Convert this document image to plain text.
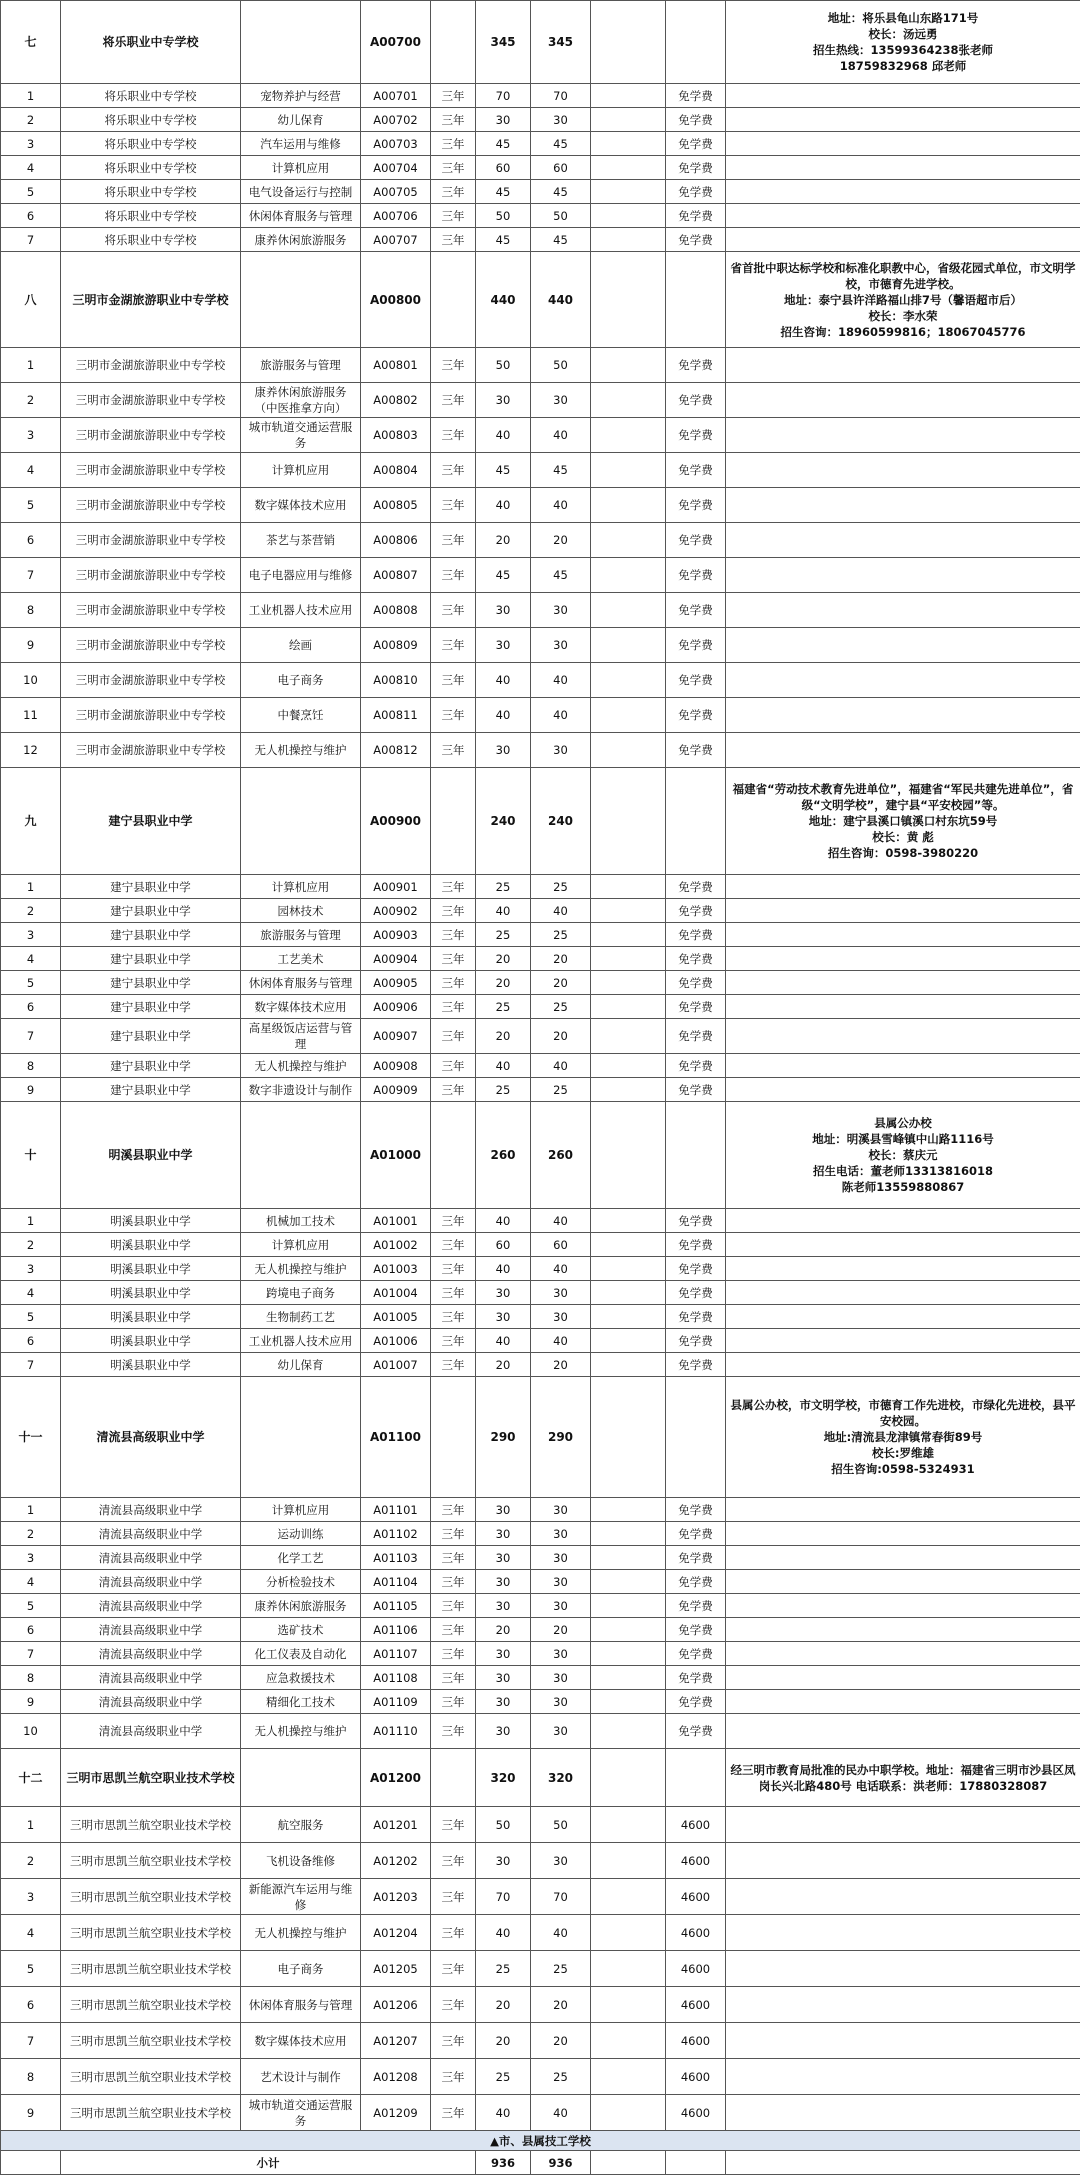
七	将乐职业中专学校		A00700		345	345			地址：将乐县龟山东路171号
校长：汤远勇
招生热线：13599364238张老师
18759832968 邱老师
1	将乐职业中专学校	宠物养护与经营	A00701	三年	70	70		免学费	
2	将乐职业中专学校	幼儿保育	A00702	三年	30	30		免学费	
3	将乐职业中专学校	汽车运用与维修	A00703	三年	45	45		免学费	
4	将乐职业中专学校	计算机应用	A00704	三年	60	60		免学费	
5	将乐职业中专学校	电气设备运行与控制	A00705	三年	45	45		免学费	
6	将乐职业中专学校	休闲体育服务与管理	A00706	三年	50	50		免学费	
7	将乐职业中专学校	康养休闲旅游服务	A00707	三年	45	45		免学费	
八	三明市金湖旅游职业中专学校		A00800		440	440			省首批中职达标学校和标准化职教中心，省级花园式单位，市文明学校，市德育先进学校。
地址：泰宁县许洋路福山排7号（馨语超市后）
校长：李水荣
招生咨询：18960599816；18067045776
1	三明市金湖旅游职业中专学校	旅游服务与管理	A00801	三年	50	50		免学费	
2	三明市金湖旅游职业中专学校	康养休闲旅游服务（中医推拿方向）	A00802	三年	30	30		免学费	
3	三明市金湖旅游职业中专学校	城市轨道交通运营服务	A00803	三年	40	40		免学费	
4	三明市金湖旅游职业中专学校	计算机应用	A00804	三年	45	45		免学费	
5	三明市金湖旅游职业中专学校	数字媒体技术应用	A00805	三年	40	40		免学费	
6	三明市金湖旅游职业中专学校	茶艺与茶营销	A00806	三年	20	20		免学费	
7	三明市金湖旅游职业中专学校	电子电器应用与维修	A00807	三年	45	45		免学费	
8	三明市金湖旅游职业中专学校	工业机器人技术应用	A00808	三年	30	30		免学费	
9	三明市金湖旅游职业中专学校	绘画	A00809	三年	30	30		免学费	
10	三明市金湖旅游职业中专学校	电子商务	A00810	三年	40	40		免学费	
11	三明市金湖旅游职业中专学校	中餐烹饪	A00811	三年	40	40		免学费	
12	三明市金湖旅游职业中专学校	无人机操控与维护	A00812	三年	30	30		免学费	
九	建宁县职业中学		A00900		240	240			福建省“劳动技术教育先进单位”，福建省“军民共建先进单位”，省级“文明学校”，建宁县“平安校园”等。
地址：建宁县溪口镇溪口村东坑59号
校长：黄 彪
招生咨询：0598-3980220
1	建宁县职业中学	计算机应用	A00901	三年	25	25		免学费	
2	建宁县职业中学	园林技术	A00902	三年	40	40		免学费	
3	建宁县职业中学	旅游服务与管理	A00903	三年	25	25		免学费	
4	建宁县职业中学	工艺美术	A00904	三年	20	20		免学费	
5	建宁县职业中学	休闲体育服务与管理	A00905	三年	20	20		免学费	
6	建宁县职业中学	数字媒体技术应用	A00906	三年	25	25		免学费	
7	建宁县职业中学	高星级饭店运营与管理	A00907	三年	20	20		免学费	
8	建宁县职业中学	无人机操控与维护	A00908	三年	40	40		免学费	
9	建宁县职业中学	数字非遗设计与制作	A00909	三年	25	25		免学费	
十	明溪县职业中学		A01000		260	260			县属公办校
地址：明溪县雪峰镇中山路1116号
校长：蔡庆元
招生电话：董老师13313816018
陈老师13559880867
1	明溪县职业中学	机械加工技术	A01001	三年	40	40		免学费	
2	明溪县职业中学	计算机应用	A01002	三年	60	60		免学费	
3	明溪县职业中学	无人机操控与维护	A01003	三年	40	40		免学费	
4	明溪县职业中学	跨境电子商务	A01004	三年	30	30		免学费	
5	明溪县职业中学	生物制药工艺	A01005	三年	30	30		免学费	
6	明溪县职业中学	工业机器人技术应用	A01006	三年	40	40		免学费	
7	明溪县职业中学	幼儿保育	A01007	三年	20	20		免学费	
十一	清流县高级职业中学		A01100		290	290			县属公办校，市文明学校，市德育工作先进校，市绿化先进校，县平安校园。
地址:清流县龙津镇常春街89号
校长:罗维雄
招生咨询:0598-5324931
1	清流县高级职业中学	计算机应用	A01101	三年	30	30		免学费	
2	清流县高级职业中学	运动训练	A01102	三年	30	30		免学费	
3	清流县高级职业中学	化学工艺	A01103	三年	30	30		免学费	
4	清流县高级职业中学	分析检验技术	A01104	三年	30	30		免学费	
5	清流县高级职业中学	康养休闲旅游服务	A01105	三年	30	30		免学费	
6	清流县高级职业中学	选矿技术	A01106	三年	20	20		免学费	
7	清流县高级职业中学	化工仪表及自动化	A01107	三年	30	30		免学费	
8	清流县高级职业中学	应急救援技术	A01108	三年	30	30		免学费	
9	清流县高级职业中学	精细化工技术	A01109	三年	30	30		免学费	
10	清流县高级职业中学	无人机操控与维护	A01110	三年	30	30		免学费	
十二	三明市思凯兰航空职业技术学校		A01200		320	320			经三明市教育局批准的民办中职学校。地址：福建省三明市沙县区凤岗长兴北路480号 电话联系：洪老师：17880328087
1	三明市思凯兰航空职业技术学校	航空服务	A01201	三年	50	50		4600	
2	三明市思凯兰航空职业技术学校	飞机设备维修	A01202	三年	30	30		4600	
3	三明市思凯兰航空职业技术学校	新能源汽车运用与维修	A01203	三年	70	70		4600	
4	三明市思凯兰航空职业技术学校	无人机操控与维护	A01204	三年	40	40		4600	
5	三明市思凯兰航空职业技术学校	电子商务	A01205	三年	25	25		4600	
6	三明市思凯兰航空职业技术学校	休闲体育服务与管理	A01206	三年	20	20		4600	
7	三明市思凯兰航空职业技术学校	数字媒体技术应用	A01207	三年	20	20		4600	
8	三明市思凯兰航空职业技术学校	艺术设计与制作	A01208	三年	25	25		4600	
9	三明市思凯兰航空职业技术学校	城市轨道交通运营服务	A01209	三年	40	40		4600	
▲市、县属技工学校									
	小计				936	936			
